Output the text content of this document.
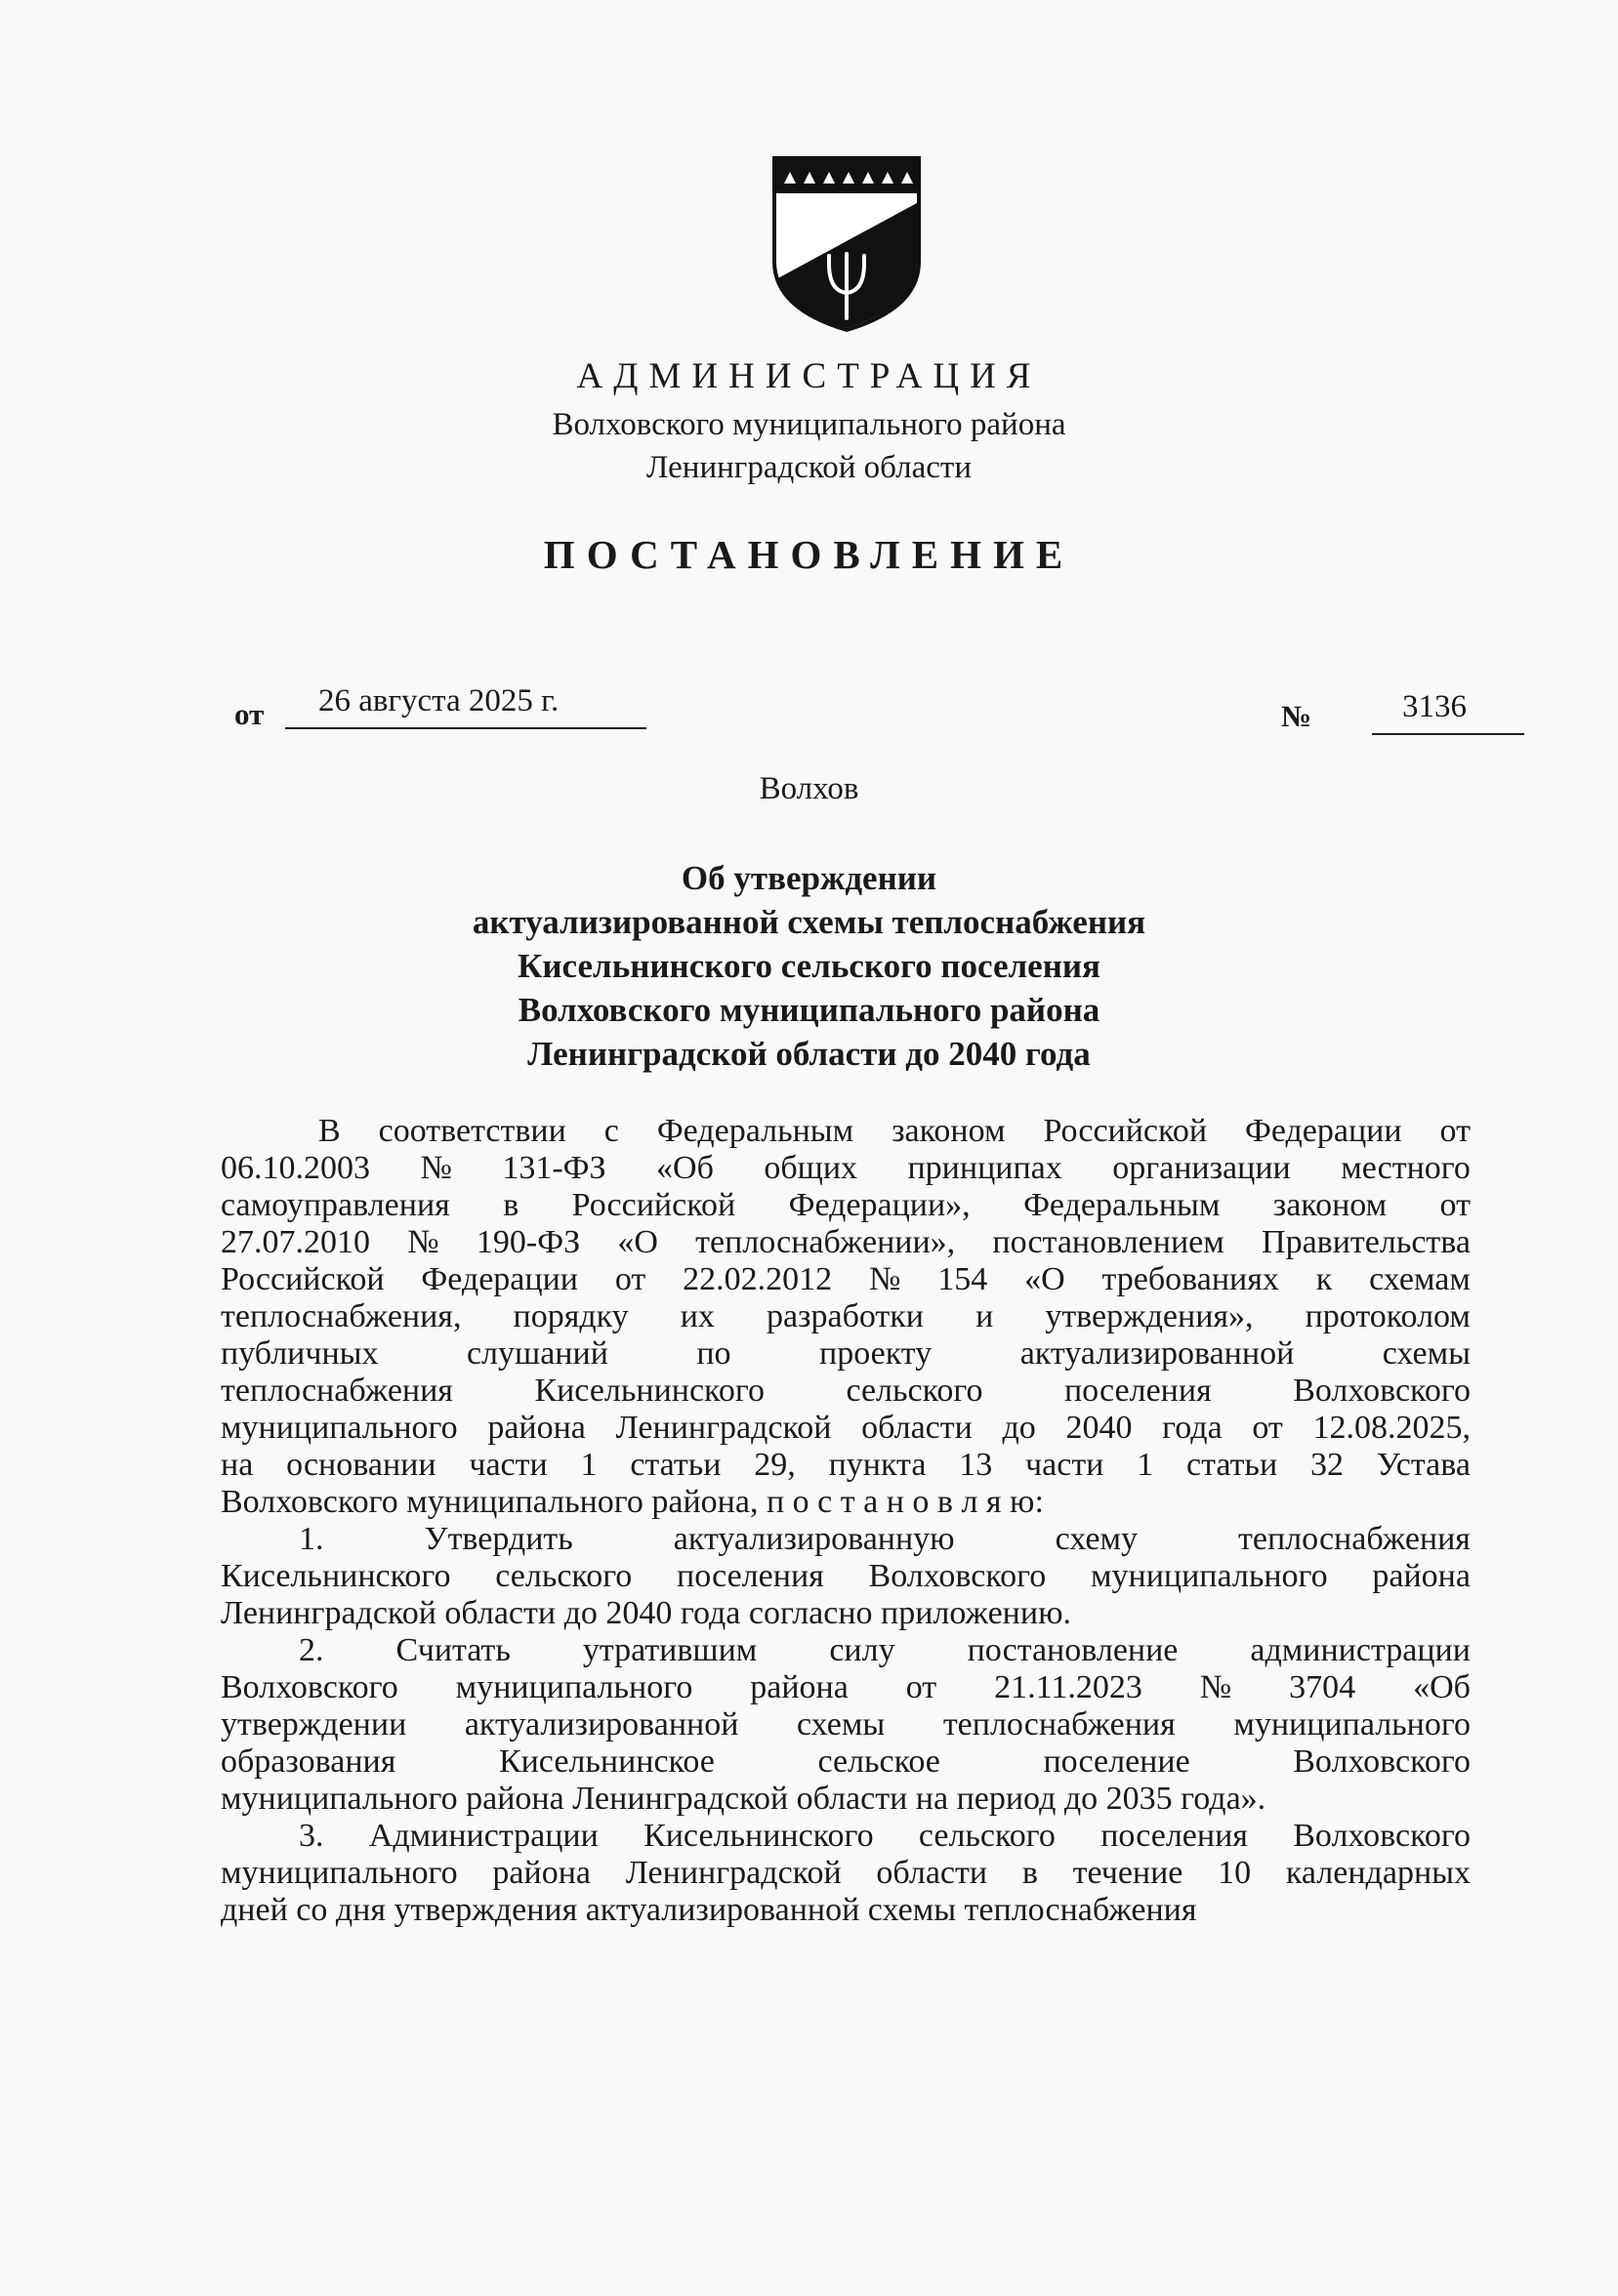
АДМИНИСТРАЦИЯ
Волховского муниципального района
Ленинградской области
ПОСТАНОВЛЕНИЕ
от 26 августа 2025 г.	№	3136
Волхов
Об утверждении
актуализированной схемы теплоснабжения
Кисельнинского сельского поселения
Волховского муниципального района
Ленинградской области до 2040 года
В соответствии с Федеральным законом Российской Федерации от
06.10.2003 № 131-ФЗ «Об общих принципах организации местного
самоуправления в Российской Федерации», Федеральным законом от
27.07.2010 № 190-ФЗ «О теплоснабжении», постановлением Правительства
Российской Федерации от 22.02.2012 № 154 «О требованиях к схемам
теплоснабжения, порядку их разработки и утверждения», протоколом
публичных	слушаний	по	проекту	актуализированной	схемы
теплоснабжения Кисельнинского сельского поселения Волховского
муниципального района Ленинградской области до 2040 года от 12.08.2025,
на основании части 1 статьи 29, пункта 13 части 1 статьи 32 Устава
Волховского муниципального района, п о с т а н о в л я ю:
1.	Утвердить	актуализированную	схему	теплоснабжения
Кисельнинского сельского поселения Волховского муниципального района
Ленинградской области до 2040 года согласно приложению.
2. Считать утратившим силу постановление администрации
Волховского муниципального района от 21.11.2023 № 3704 «Об
утверждении актуализированной схемы теплоснабжения муниципального
образования	Кисельнинское	сельское	поселение	Волховского
муниципального района Ленинградской области на период до 2035 года».
3. Администрации Кисельнинского сельского поселения Волховского
муниципального района Ленинградской области в течение 10 календарных
дней со дня утверждения актуализированной схемы теплоснабжения
